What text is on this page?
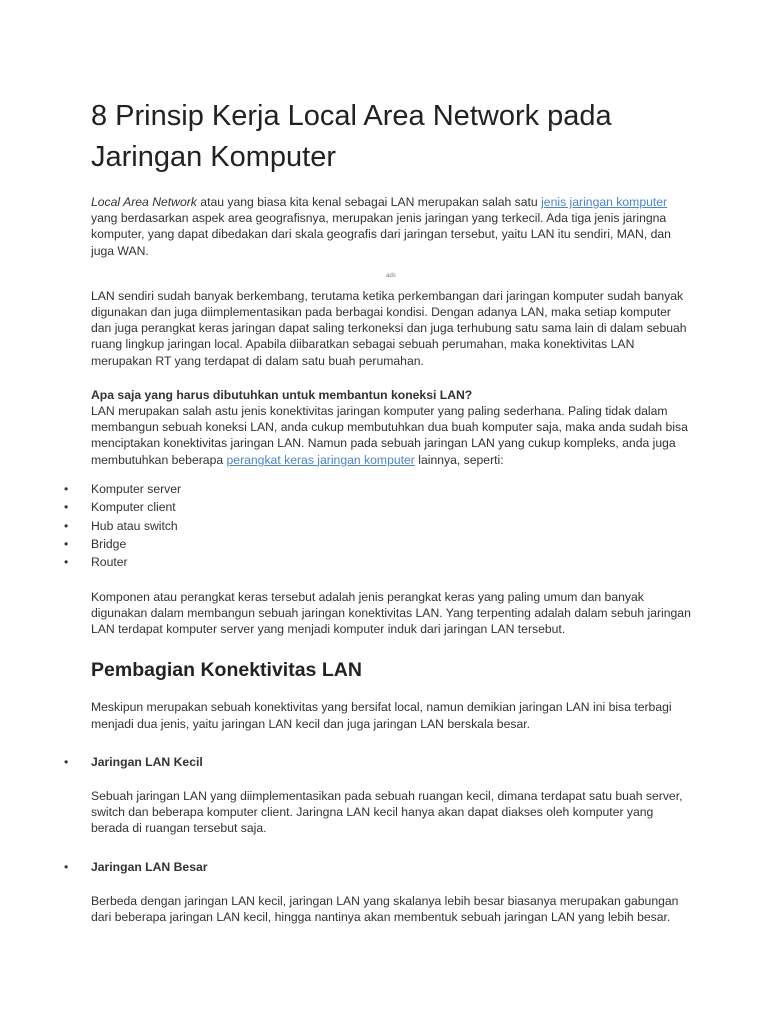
8 Prinsip Kerja Local Area Network pada Jaringan Komputer

Local Area Network atau yang biasa kita kenal sebagai LAN merupakan salah satu jenis jaringan komputer yang berdasarkan aspek area geografisnya, merupakan jenis jaringan yang terkecil. Ada tiga jenis jaringna komputer, yang dapat dibedakan dari skala geografis dari jaringan tersebut, yaitu LAN itu sendiri, MAN, dan juga WAN.

ads

LAN sendiri sudah banyak berkembang, terutama ketika perkembangan dari jaringan komputer sudah banyak digunakan dan juga diimplementasikan pada berbagai kondisi. Dengan adanya LAN, maka setiap komputer dan juga perangkat keras jaringan dapat saling terkoneksi dan juga terhubung satu sama lain di dalam sebuah ruang lingkup jaringan local. Apabila diibaratkan sebagai sebuah perumahan, maka konektivitas LAN merupakan RT yang terdapat di dalam satu buah perumahan.

Apa saja yang harus dibutuhkan untuk membantun koneksi LAN?

LAN merupakan salah astu jenis konektivitas jaringan komputer yang paling sederhana. Paling tidak dalam membangun sebuah koneksi LAN, anda cukup membutuhkan dua buah komputer saja, maka anda sudah bisa menciptakan konektivitas jaringan LAN. Namun pada sebuah jaringan LAN yang cukup kompleks, anda juga membutuhkan beberapa perangkat keras jaringan komputer lainnya, seperti:

• Komputer server
• Komputer client
• Hub atau switch
• Bridge
• Router

Komponen atau perangkat keras tersebut adalah jenis perangkat keras yang paling umum dan banyak digunakan dalam membangun sebuah jaringan konektivitas LAN. Yang terpenting adalah dalam sebuh jaringan LAN terdapat komputer server yang menjadi komputer induk dari jaringan LAN tersebut.

Pembagian Konektivitas LAN

Meskipun merupakan sebuah konektivitas yang bersifat local, namun demikian jaringan LAN ini bisa terbagi menjadi dua jenis, yaitu jaringan LAN kecil dan juga jaringan LAN berskala besar.

• Jaringan LAN Kecil

Sebuah jaringan LAN yang diimplementasikan pada sebuah ruangan kecil, dimana terdapat satu buah server, switch dan beberapa komputer client. Jaringna LAN kecil hanya akan dapat diakses oleh komputer yang berada di ruangan tersebut saja.

• Jaringan LAN Besar

Berbeda dengan jaringan LAN kecil, jaringan LAN yang skalanya lebih besar biasanya merupakan gabungan dari beberapa jaringan LAN kecil, hingga nantinya akan membentuk sebuah jaringan LAN yang lebih besar.
